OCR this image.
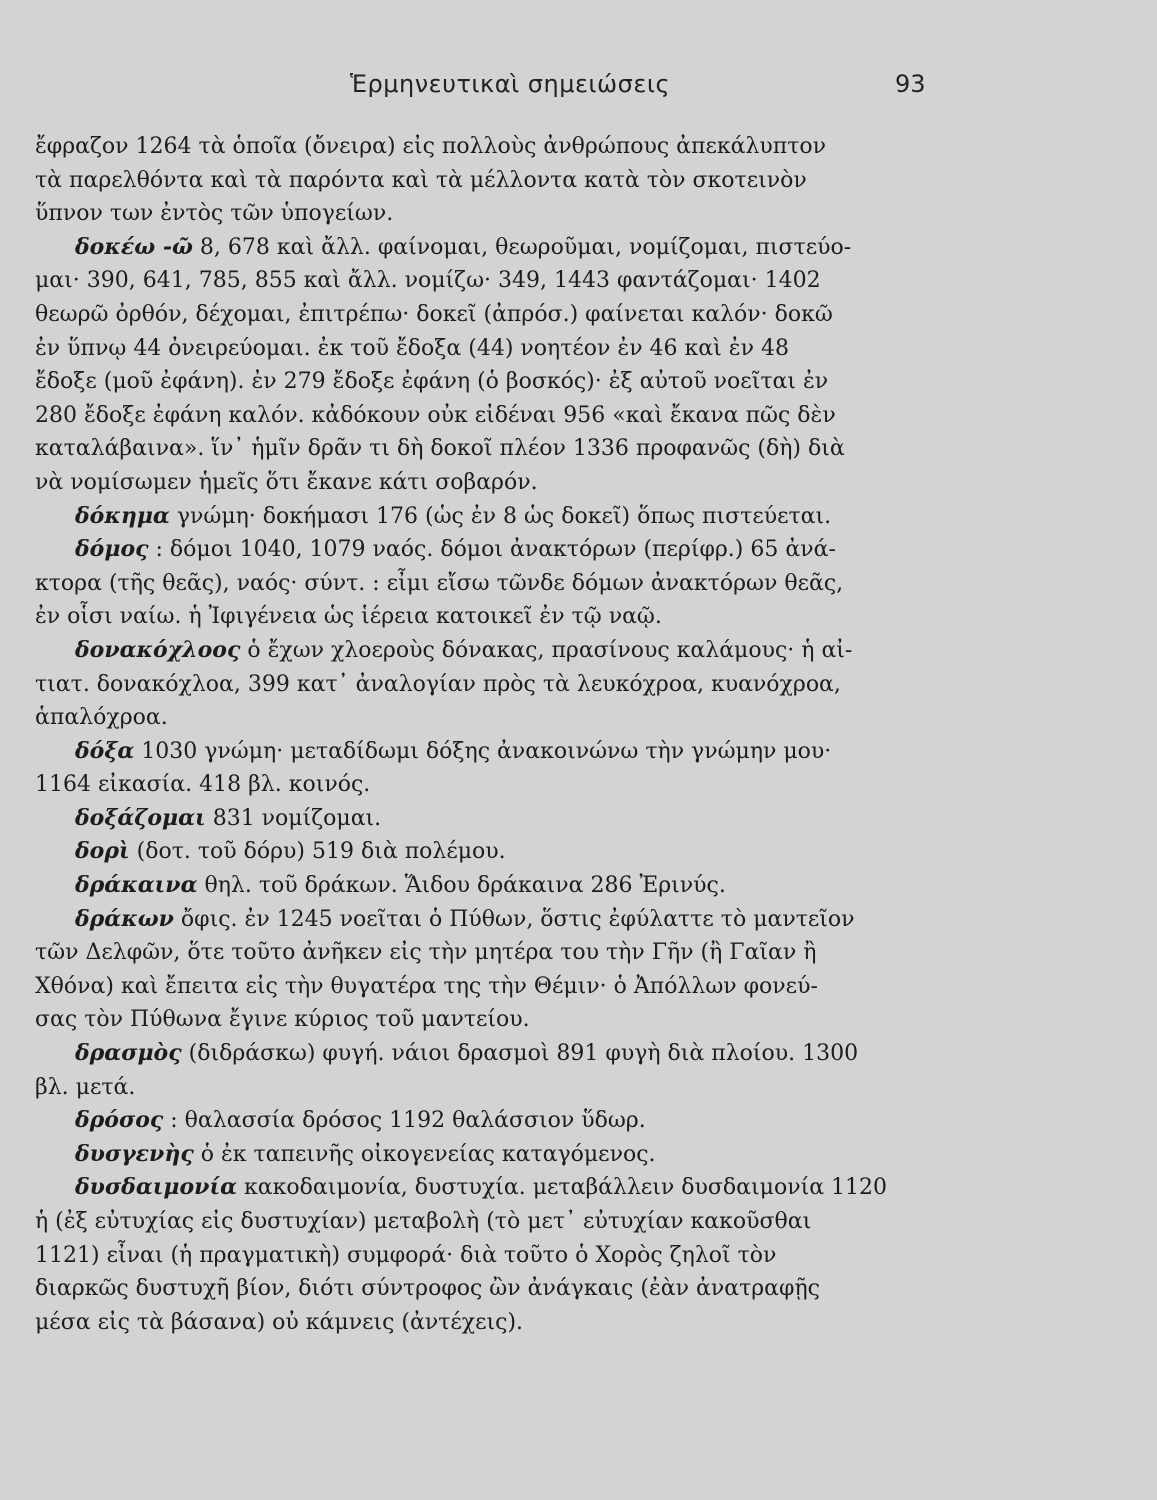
Ἑρμηνευτικαὶ σημειώσεις	93
ἔφραζον 1264 τὰ ὁποῖα (ὄνειρα) εἰς πολλοὺς ἀνθρώπους ἀπεκάλυπτον
τὰ παρελθόντα καὶ τὰ παρόντα καὶ τὰ μέλλοντα κατὰ τὸν σκοτεινὸν
ὕπνον των ἐντὸς τῶν ὑπογείων.
δοκέω -ῶ 8, 678 καὶ ἄλλ. φαίνομαι, θεωροῦμαι, νομίζομαι, πιστεύο-
μαι· 390, 641, 785, 855 καὶ ἄλλ. νομίζω· 349, 1443 φαντάζομαι· 1402
θεωρῶ ὀρθόν, δέχομαι, ἐπιτρέπω· δοκεῖ (ἀπρόσ.) φαίνεται καλόν· δοκῶ
ἐν ὕπνῳ 44 ὀνειρεύομαι. ἐκ τοῦ ἔδοξα (44) νοητέον ἐν 46 καὶ ἐν 48
ἔδοξε (μοῦ ἐφάνη). ἐν 279 ἔδοξε ἐφάνη (ὁ βοσκός)· ἐξ αὐτοῦ νοεῖται ἐν
280 ἔδοξε ἐφάνη καλόν. κἀδόκουν οὐκ εἰδέναι 956 «καὶ ἔκανα πῶς δὲν
καταλάβαινα». ἵν᾽ ἡμῖν δρᾶν τι δὴ δοκοῖ πλέον 1336 προφανῶς (δὴ) διὰ
νὰ νομίσωμεν ἡμεῖς ὅτι ἔκανε κάτι σοβαρόν.
δόκημα γνώμη· δοκήμασι 176 (ὡς ἐν 8 ὡς δοκεῖ) ὅπως πιστεύεται.
δόμος : δόμοι 1040, 1079 ναός. δόμοι ἀνακτόρων (περίφρ.) 65 ἀνά-
κτορα (τῆς θεᾶς), ναός· σύντ. : εἶμι εἴσω τῶνδε δόμων ἀνακτόρων θεᾶς,
ἐν οἷσι ναίω. ἡ Ἰφιγένεια ὡς ἱέρεια κατοικεῖ ἐν τῷ ναῷ.
δονακόχλοος ὁ ἔχων χλοεροὺς δόνακας, πρασίνους καλάμους· ἡ αἰ-
τιατ. δονακόχλοα, 399 κατ᾽ ἀναλογίαν πρὸς τὰ λευκόχροα, κυανόχροα,
ἁπαλόχροα.
δόξα 1030 γνώμη· μεταδίδωμι δόξης ἀνακοινώνω τὴν γνώμην μου·
1164 εἰκασία. 418 βλ. κοινός.
δοξάζομαι 831 νομίζομαι.
δορὶ (δοτ. τοῦ δόρυ) 519 διὰ πολέμου.
δράκαινα θηλ. τοῦ δράκων. Ἅιδου δράκαινα 286 Ἐρινύς.
δράκων ὄφις. ἐν 1245 νοεῖται ὁ Πύθων, ὅστις ἐφύλαττε τὸ μαντεῖον
τῶν Δελφῶν, ὅτε τοῦτο ἀνῆκεν εἰς τὴν μητέρα του τὴν Γῆν (ἢ Γαῖαν ἢ
Χθόνα) καὶ ἔπειτα εἰς τὴν θυγατέρα της τὴν Θέμιν· ὁ Ἀπόλλων φονεύ-
σας τὸν Πύθωνα ἔγινε κύριος τοῦ μαντείου.
δρασμὸς (διδράσκω) φυγή. νάιοι δρασμοὶ 891 φυγὴ διὰ πλοίου. 1300
βλ. μετά.
δρόσος : θαλασσία δρόσος 1192 θαλάσσιον ὕδωρ.
δυσγενὴς ὁ ἐκ ταπεινῆς οἰκογενείας καταγόμενος.
δυσδαιμονία κακοδαιμονία, δυστυχία. μεταβάλλειν δυσδαιμονία 1120
ἡ (ἐξ εὐτυχίας εἰς δυστυχίαν) μεταβολὴ (τὸ μετ᾽ εὐτυχίαν κακοῦσθαι
1121) εἶναι (ἡ πραγματικὴ) συμφορά· διὰ τοῦτο ὁ Χορὸς ζηλοῖ τὸν
διαρκῶς δυστυχῆ βίον, διότι σύντροφος ὢν ἀνάγκαις (ἐὰν ἀνατραφῇς
μέσα εἰς τὰ βάσανα) οὐ κάμνεις (ἀντέχεις).
